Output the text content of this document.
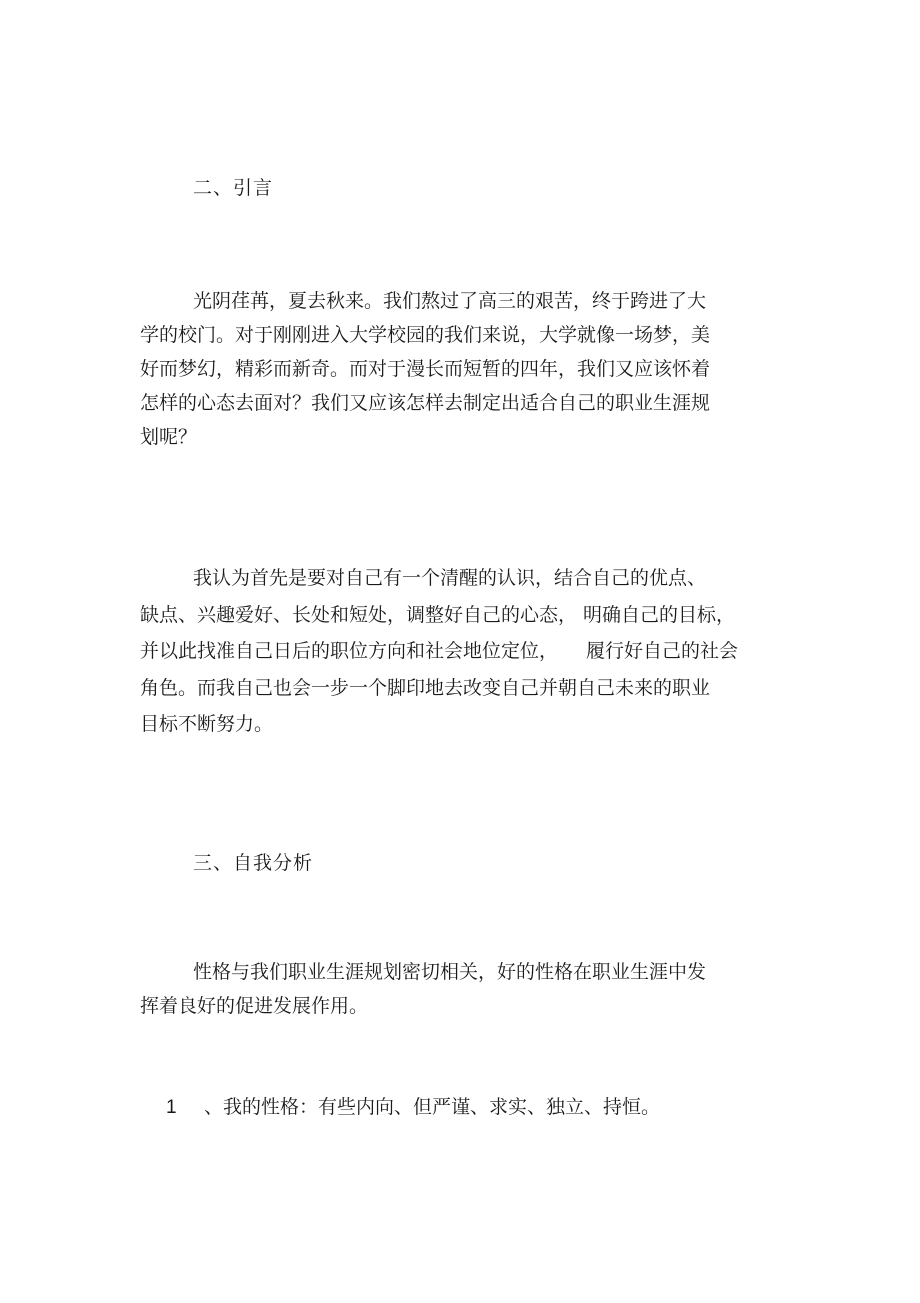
二、引言
光阴荏苒，夏去秋来。我们熬过了高三的艰苦，终于跨进了大
学的校门。对于刚刚进入大学校园的我们来说，大学就像一场梦，美
好而梦幻，精彩而新奇。而对于漫长而短暂的四年，我们又应该怀着
怎样的心态去面对？我们又应该怎样去制定出适合自己的职业生涯规
划呢？
我认为首先是要对自己有一个清醒的认识，结合自己的优点、
缺点、兴趣爱好、长处和短处，调整好自己的心态， 明确自己的目标，
并以此找准自己日后的职位方向和社会地位定位， 履行好自己的社会
角色。而我自己也会一步一个脚印地去改变自己并朝自己未来的职业
目标不断努力。
三、自我分析
性格与我们职业生涯规划密切相关，好的性格在职业生涯中发
挥着良好的促进发展作用。
1 、我的性格：有些内向、但严谨、求实、独立、持恒。
